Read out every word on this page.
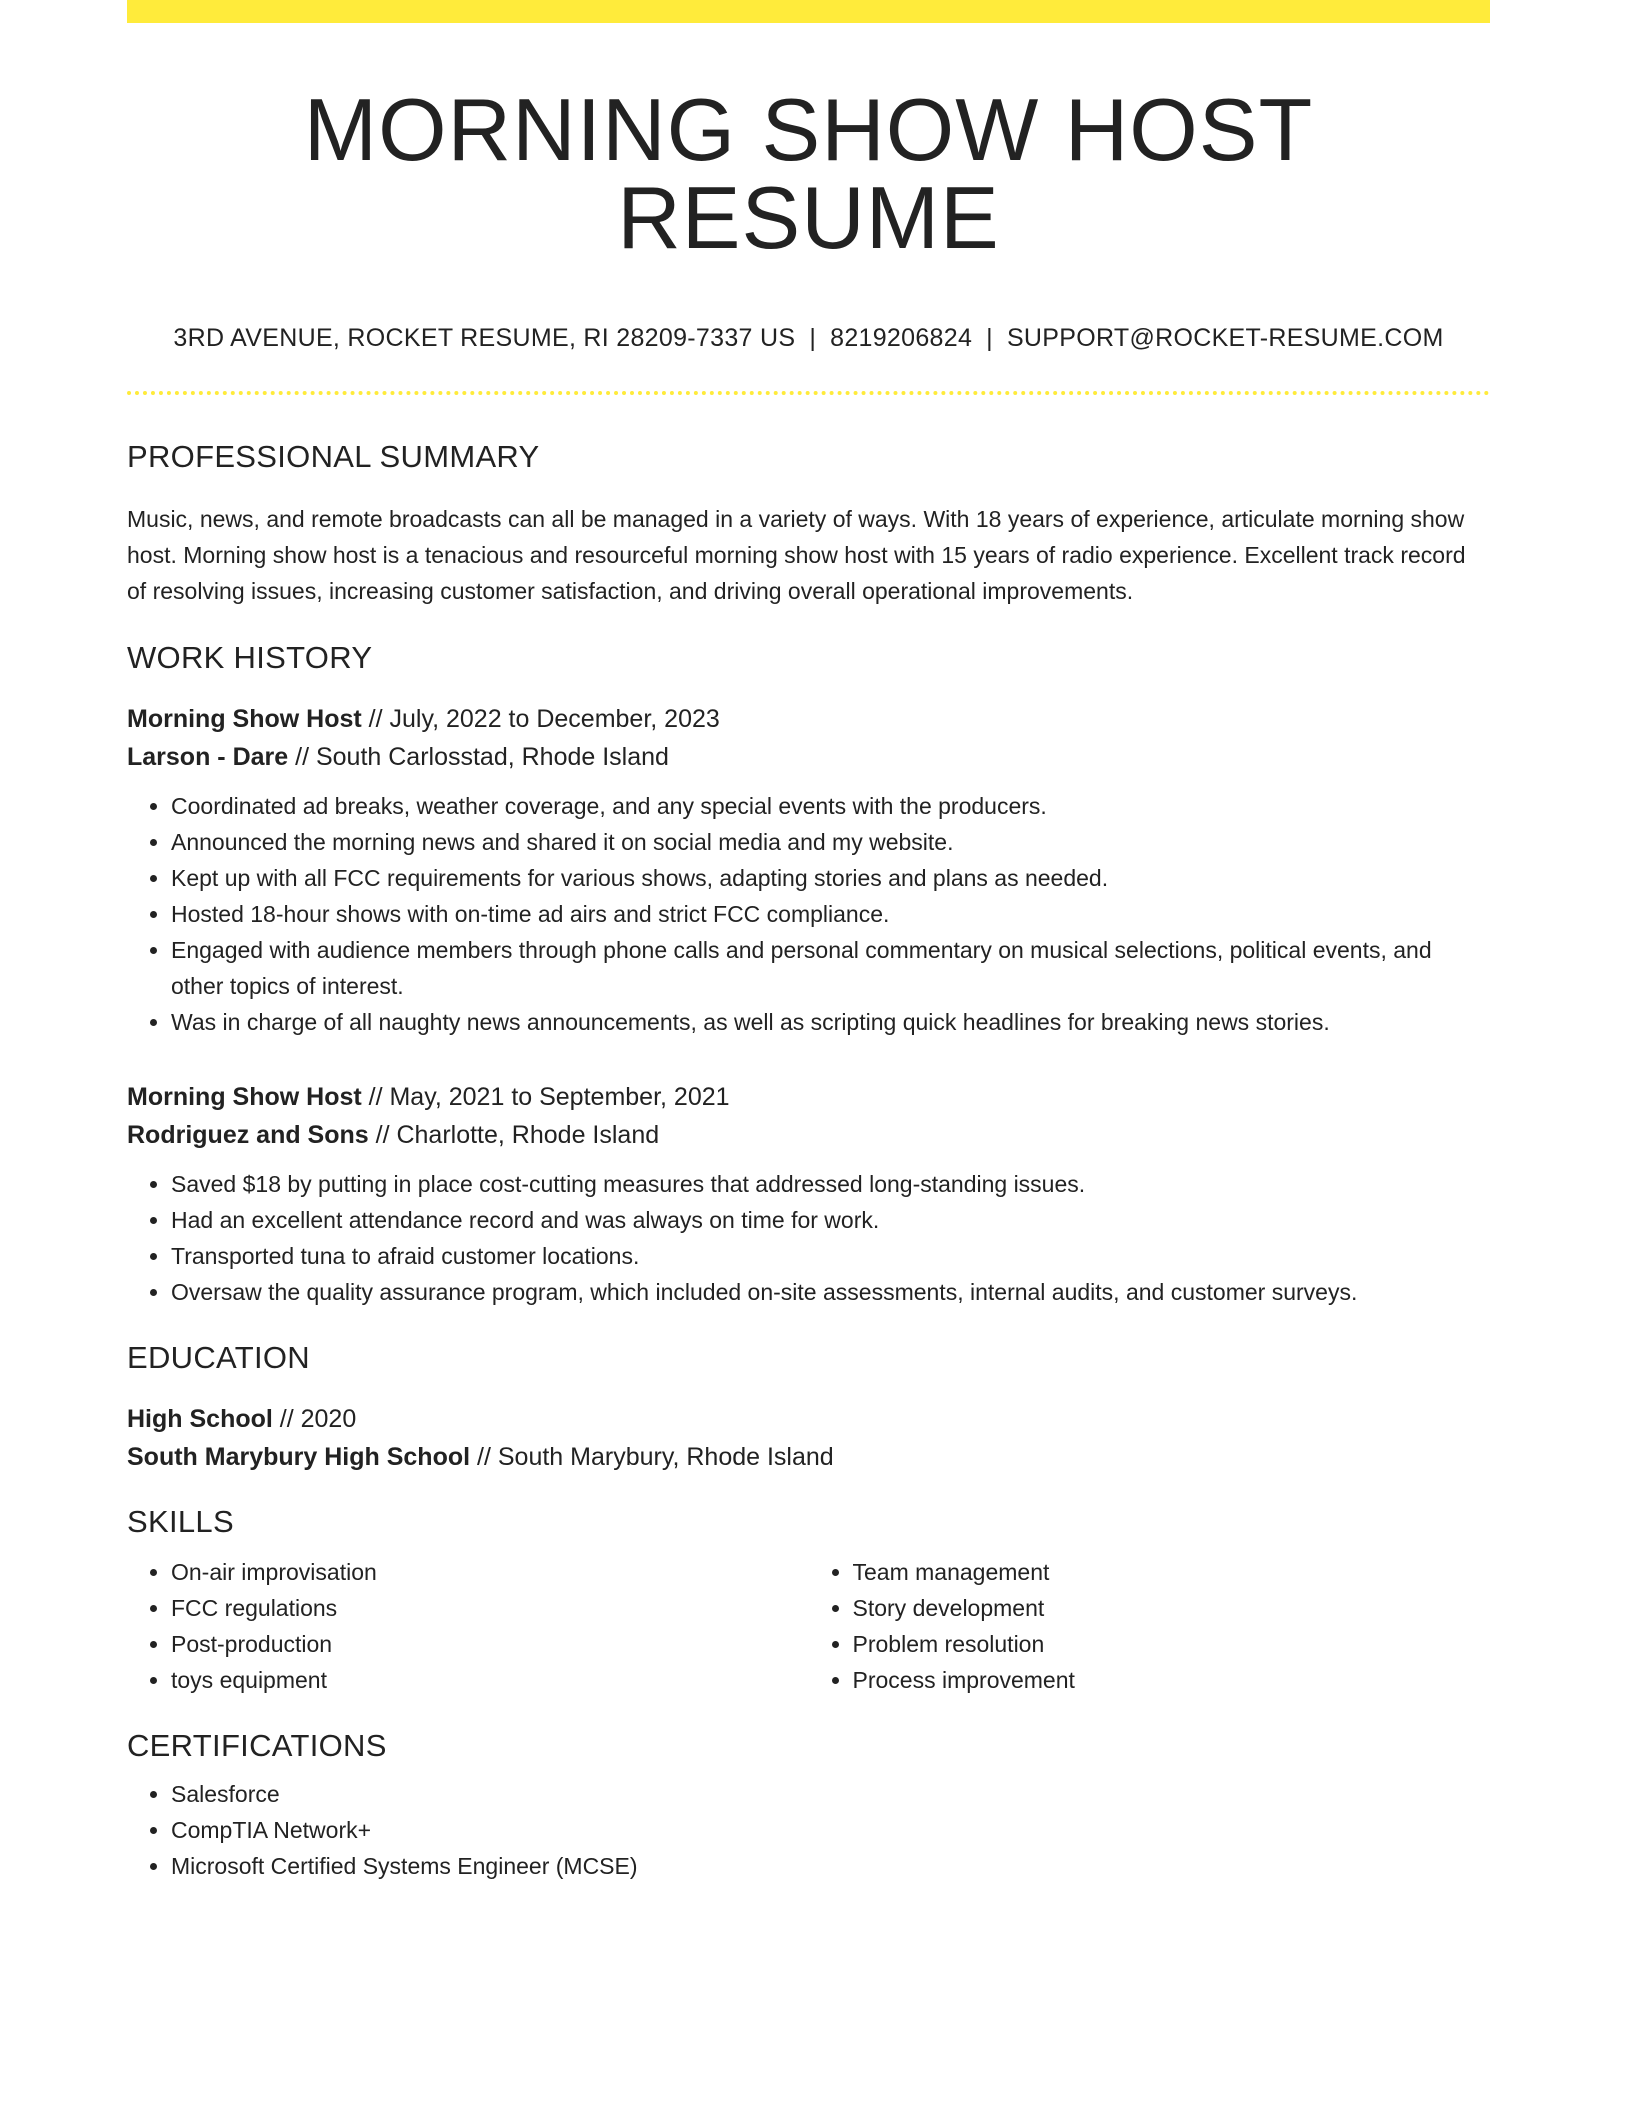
MORNING SHOW HOST RESUME
3RD AVENUE, ROCKET RESUME, RI 28209-7337 US | 8219206824 | SUPPORT@ROCKET-RESUME.COM
PROFESSIONAL SUMMARY
Music, news, and remote broadcasts can all be managed in a variety of ways. With 18 years of experience, articulate morning show host. Morning show host is a tenacious and resourceful morning show host with 15 years of radio experience. Excellent track record of resolving issues, increasing customer satisfaction, and driving overall operational improvements.
WORK HISTORY
Morning Show Host // July, 2022 to December, 2023
Larson - Dare // South Carlosstad, Rhode Island
• Coordinated ad breaks, weather coverage, and any special events with the producers.
• Announced the morning news and shared it on social media and my website.
• Kept up with all FCC requirements for various shows, adapting stories and plans as needed.
• Hosted 18-hour shows with on-time ad airs and strict FCC compliance.
• Engaged with audience members through phone calls and personal commentary on musical selections, political events, and other topics of interest.
• Was in charge of all naughty news announcements, as well as scripting quick headlines for breaking news stories.
Morning Show Host // May, 2021 to September, 2021
Rodriguez and Sons // Charlotte, Rhode Island
• Saved $18 by putting in place cost-cutting measures that addressed long-standing issues.
• Had an excellent attendance record and was always on time for work.
• Transported tuna to afraid customer locations.
• Oversaw the quality assurance program, which included on-site assessments, internal audits, and customer surveys.
EDUCATION
High School // 2020
South Marybury High School // South Marybury, Rhode Island
SKILLS
• On-air improvisation
• FCC regulations
• Post-production
• toys equipment
• Team management
• Story development
• Problem resolution
• Process improvement
CERTIFICATIONS
• Salesforce
• CompTIA Network+
• Microsoft Certified Systems Engineer (MCSE)
